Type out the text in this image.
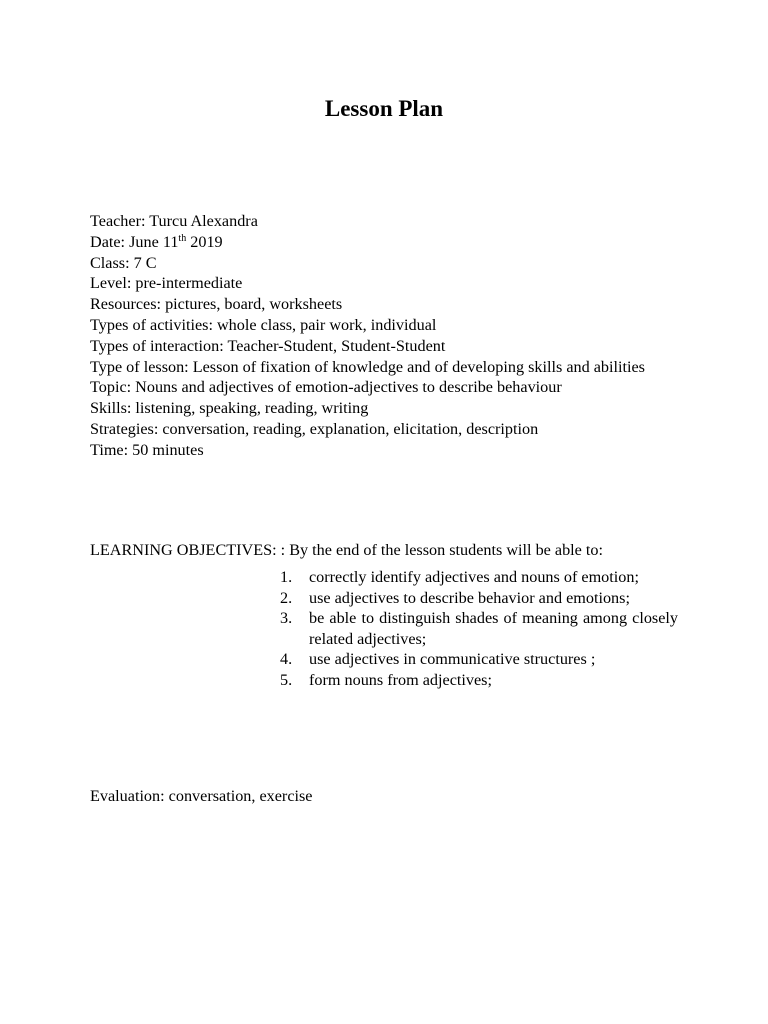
Lesson Plan
Teacher: Turcu Alexandra
Date: June 11th 2019
Class: 7 C
Level: pre-intermediate
Resources: pictures, board, worksheets
Types of activities: whole class, pair work, individual
Types of interaction: Teacher-Student, Student-Student
Type of lesson: Lesson of fixation of knowledge and of developing skills and abilities
Topic: Nouns and adjectives of emotion-adjectives to describe behaviour
Skills: listening, speaking, reading, writing
Strategies: conversation, reading, explanation, elicitation, description
Time: 50 minutes
LEARNING OBJECTIVES: : By the end of the lesson students will be able to:
1.	correctly identify adjectives and nouns of emotion;
2.	use adjectives to describe behavior and emotions;
3.	be able to distinguish shades of meaning among closely related adjectives;
4.	use adjectives in communicative structures ;
5.	form nouns from adjectives;
Evaluation: conversation, exercise
